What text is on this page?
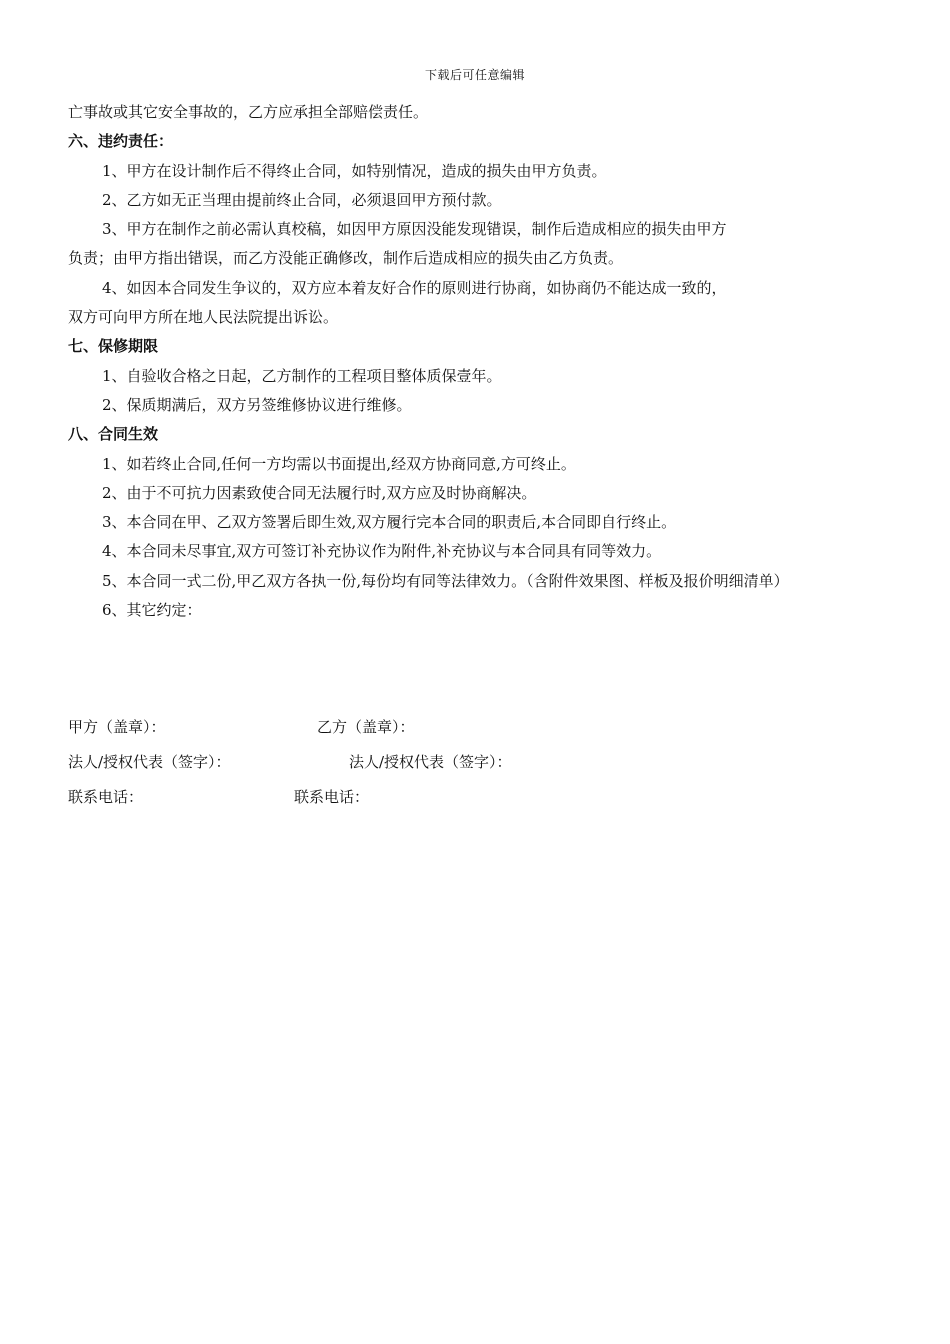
下载后可任意编辑
亡事故或其它安全事故的，乙方应承担全部赔偿责任。
六、违约责任：
1、甲方在设计制作后不得终止合同，如特别情况，造成的损失由甲方负责。
2、乙方如无正当理由提前终止合同，必须退回甲方预付款。
3、甲方在制作之前必需认真校稿，如因甲方原因没能发现错误，制作后造成相应的损失由甲方
负责；由甲方指出错误，而乙方没能正确修改，制作后造成相应的损失由乙方负责。
4、如因本合同发生争议的，双方应本着友好合作的原则进行协商，如协商仍不能达成一致的，
双方可向甲方所在地人民法院提出诉讼。
七、保修期限
1、自验收合格之日起，乙方制作的工程项目整体质保壹年。
2、保质期满后，双方另签维修协议进行维修。
八、合同生效
1、如若终止合同,任何一方均需以书面提出,经双方协商同意,方可终止。
2、由于不可抗力因素致使合同无法履行时,双方应及时协商解决。
3、本合同在甲、乙双方签署后即生效,双方履行完本合同的职责后,本合同即自行终止。
4、本合同未尽事宜,双方可签订补充协议作为附件,补充协议与本合同具有同等效力。
5、本合同一式二份,甲乙双方各执一份,每份均有同等法律效力。（含附件效果图、样板及报价明细清单）
6、其它约定：
甲方（盖章）：	乙方（盖章）：
法人/授权代表（签字）：	法人/授权代表（签字）：
联系电话：	联系电话：
